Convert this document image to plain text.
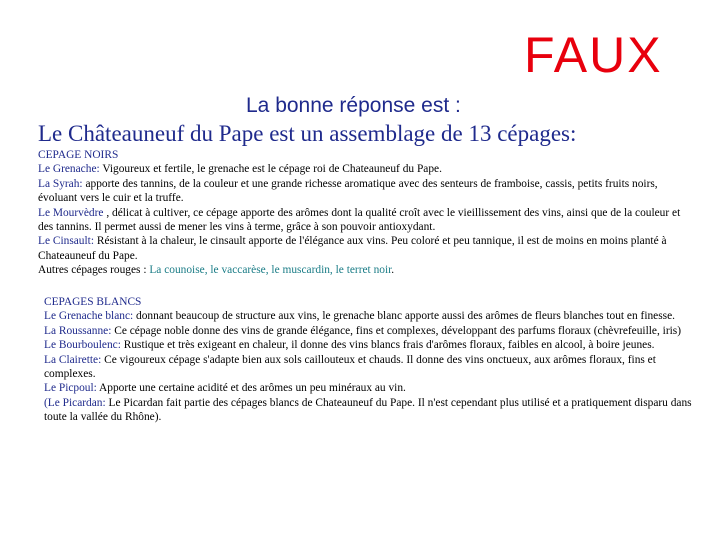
FAUX
La bonne réponse est :
Le Châteauneuf du Pape est un assemblage de 13 cépages:

CEPAGE NOIRS

Le Grenache: Vigoureux et fertile, le grenache est le cépage roi de Chateauneuf du Pape.

La Syrah: apporte des tannins, de la couleur et une grande richesse aromatique avec des senteurs de framboise, cassis, petits fruits noirs, évoluant vers le cuir et la truffe.

Le Mourvèdre , délicat à cultiver, ce cépage apporte des arômes dont la qualité croît avec le vieillissement des vins, ainsi que de la couleur et des tannins. Il permet aussi de mener les vins à terme, grâce à son pouvoir antioxydant.

Le Cinsault: Résistant à la chaleur, le cinsault apporte de l'élégance aux vins. Peu coloré et peu tannique, il est de moins en moins planté à Chateauneuf du Pape.

Autres cépages rouges : La counoise, le vaccarèse, le muscardin, le terret noir.

CEPAGES BLANCS

Le Grenache blanc: donnant beaucoup de structure aux vins, le grenache blanc apporte aussi des arômes de fleurs blanches tout en finesse.

La Roussanne: Ce cépage noble donne des vins de grande élégance, fins et complexes, développant des parfums floraux (chèvrefeuille, iris)

Le Bourboulenc: Rustique et très exigeant en chaleur, il donne des vins blancs frais d'arômes floraux, faibles en alcool, à boire jeunes.

La Clairette: Ce vigoureux cépage s'adapte bien aux sols caillouteux et chauds. Il donne des vins onctueux, aux arômes floraux, fins et complexes.

Le Picpoul: Apporte une certaine acidité et des arômes un peu minéraux au vin.

(Le Picardan: Le Picardan fait partie des cépages blancs de Chateauneuf du Pape. Il n'est cependant plus utilisé et a pratiquement disparu dans toute la vallée du Rhône).
